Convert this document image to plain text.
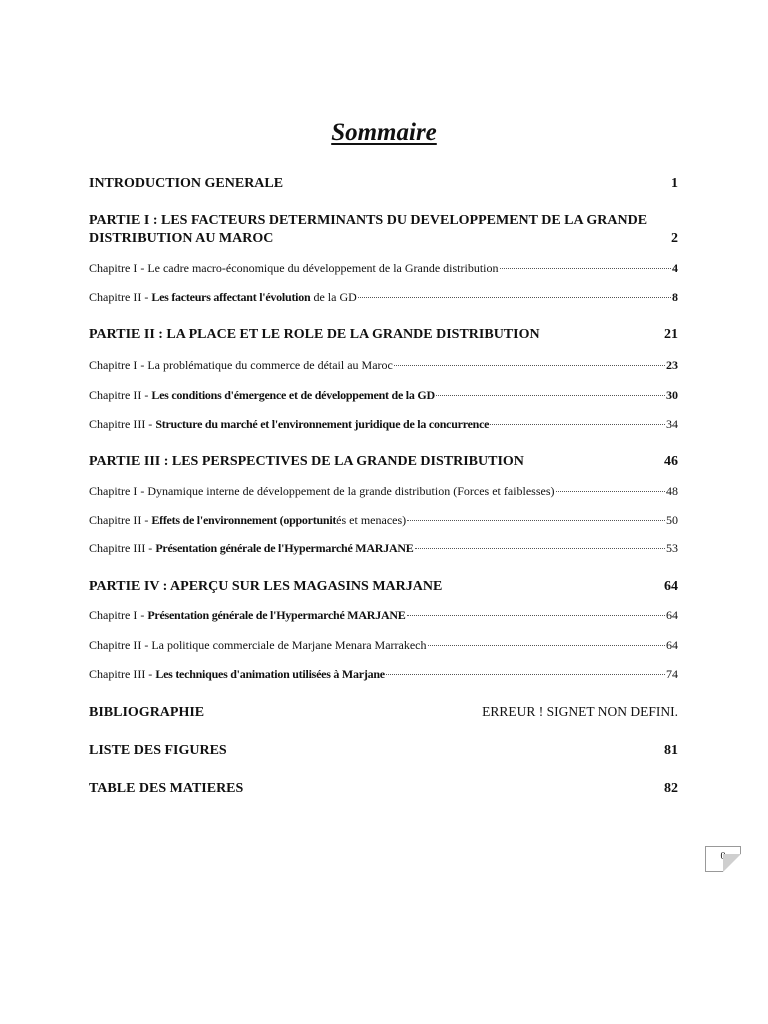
Sommaire
INTRODUCTION GENERALE	1
PARTIE I : LES FACTEURS DETERMINANTS DU DEVELOPPEMENT DE LA GRANDE
DISTRIBUTION AU MAROC	2
Chapitre I - Le cadre macro-économique du développement de la Grande distribution	4
Chapitre II - Les facteurs affectant l'évolution de la GD	8
PARTIE II : LA PLACE ET LE ROLE DE LA GRANDE DISTRIBUTION	21
Chapitre I - La problématique du commerce de détail au Maroc	23
Chapitre II - Les conditions d'émergence et de développement de la GD	30
Chapitre III - Structure du marché et l'environnement juridique de la concurrence	34
PARTIE III : LES PERSPECTIVES DE LA GRANDE DISTRIBUTION	46
Chapitre I - Dynamique interne de développement de la grande distribution (Forces et faiblesses)	48
Chapitre II - Effets de l'environnement (opportunités et menaces)	50
Chapitre III - Présentation générale de l'Hypermarché MARJANE	53
PARTIE IV : APERÇU SUR LES MAGASINS MARJANE	64
Chapitre I - Présentation générale de l'Hypermarché MARJANE	64
Chapitre II - La politique commerciale de Marjane Menara Marrakech	64
Chapitre III - Les techniques d'animation utilisées à Marjane	74
BIBLIOGRAPHIE	ERREUR ! SIGNET NON DEFINI.
LISTE DES FIGURES	81
TABLE DES MATIERES	82
0
